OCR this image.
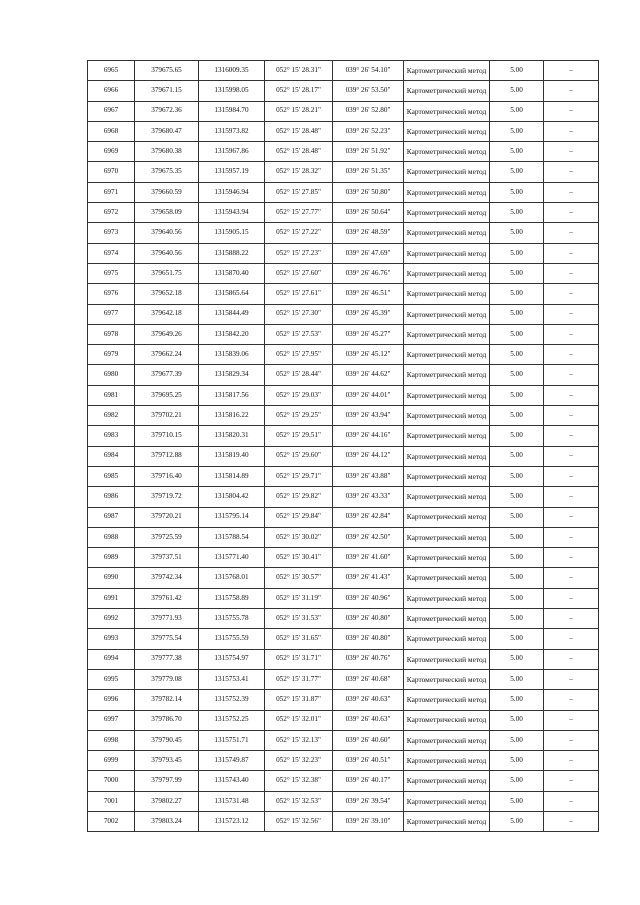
6965	379675.65	1316009.35	052° 15' 28.31"	039° 26' 54.10"	Картометрический метод	5.00	–
6966	379671.15	1315998.05	052° 15' 28.17"	039° 26' 53.50"	Картометрический метод	5.00	–
6967	379672.36	1315984.70	052° 15' 28.21"	039° 26' 52.80"	Картометрический метод	5.00	–
6968	379680.47	1315973.82	052° 15' 28.48"	039° 26' 52.23"	Картометрический метод	5.00	–
6969	379680.38	1315967.86	052° 15' 28.48"	039° 26' 51.92"	Картометрический метод	5.00	–
6970	379675.35	1315957.19	052° 15' 28.32"	039° 26' 51.35"	Картометрический метод	5.00	–
6971	379660.59	1315946.94	052° 15' 27.85"	039° 26' 50.80"	Картометрический метод	5.00	–
6972	379658.09	1315943.94	052° 15' 27.77"	039° 26' 50.64"	Картометрический метод	5.00	–
6973	379640.56	1315905.15	052° 15' 27.22"	039° 26' 48.59"	Картометрический метод	5.00	–
6974	379640.56	1315888.22	052° 15' 27.23"	039° 26' 47.69"	Картометрический метод	5.00	–
6975	379651.75	1315870.40	052° 15' 27.60"	039° 26' 46.76"	Картометрический метод	5.00	–
6976	379652.18	1315865.64	052° 15' 27.61"	039° 26' 46.51"	Картометрический метод	5.00	–
6977	379642.18	1315844.49	052° 15' 27.30"	039° 26' 45.39"	Картометрический метод	5.00	–
6978	379649.26	1315842.20	052° 15' 27.53"	039° 26' 45.27"	Картометрический метод	5.00	–
6979	379662.24	1315839.06	052° 15' 27.95"	039° 26' 45.12"	Картометрический метод	5.00	–
6980	379677.39	1315829.34	052° 15' 28.44"	039° 26' 44.62"	Картометрический метод	5.00	–
6981	379695.25	1315817.56	052° 15' 29.03"	039° 26' 44.01"	Картометрический метод	5.00	–
6982	379702.21	1315816.22	052° 15' 29.25"	039° 26' 43.94"	Картометрический метод	5.00	–
6983	379710.15	1315820.31	052° 15' 29.51"	039° 26' 44.16"	Картометрический метод	5.00	–
6984	379712.88	1315819.40	052° 15' 29.60"	039° 26' 44.12"	Картометрический метод	5.00	–
6985	379716.40	1315814.89	052° 15' 29.71"	039° 26' 43.88"	Картометрический метод	5.00	–
6986	379719.72	1315804.42	052° 15' 29.82"	039° 26' 43.33"	Картометрический метод	5.00	–
6987	379720.21	1315795.14	052° 15' 29.84"	039° 26' 42.84"	Картометрический метод	5.00	–
6988	379725.59	1315788.54	052° 15' 30.02"	039° 26' 42.50"	Картометрический метод	5.00	–
6989	379737.51	1315771.40	052° 15' 30.41"	039° 26' 41.60"	Картометрический метод	5.00	–
6990	379742.34	1315768.01	052° 15' 30.57"	039° 26' 41.43"	Картометрический метод	5.00	–
6991	379761.42	1315758.89	052° 15' 31.19"	039° 26' 40.96"	Картометрический метод	5.00	–
6992	379771.93	1315755.78	052° 15' 31.53"	039° 26' 40.80"	Картометрический метод	5.00	–
6993	379775.54	1315755.59	052° 15' 31.65"	039° 26' 40.80"	Картометрический метод	5.00	–
6994	379777.38	1315754.97	052° 15' 31.71"	039° 26' 40.76"	Картометрический метод	5.00	–
6995	379779.08	1315753.41	052° 15' 31.77"	039° 26' 40.68"	Картометрический метод	5.00	–
6996	379782.14	1315752.39	052° 15' 31.87"	039° 26' 40.63"	Картометрический метод	5.00	–
6997	379786.70	1315752.25	052° 15' 32.01"	039° 26' 40.63"	Картометрический метод	5.00	–
6998	379790.45	1315751.71	052° 15' 32.13"	039° 26' 40.60"	Картометрический метод	5.00	–
6999	379793.45	1315749.87	052° 15' 32.23"	039° 26' 40.51"	Картометрический метод	5.00	–
7000	379797.99	1315743.40	052° 15' 32.38"	039° 26' 40.17"	Картометрический метод	5.00	–
7001	379802.27	1315731.48	052° 15' 32.53"	039° 26' 39.54"	Картометрический метод	5.00	–
7002	379803.24	1315723.12	052° 15' 32.56"	039° 26' 39.10"	Картометрический метод	5.00	–
